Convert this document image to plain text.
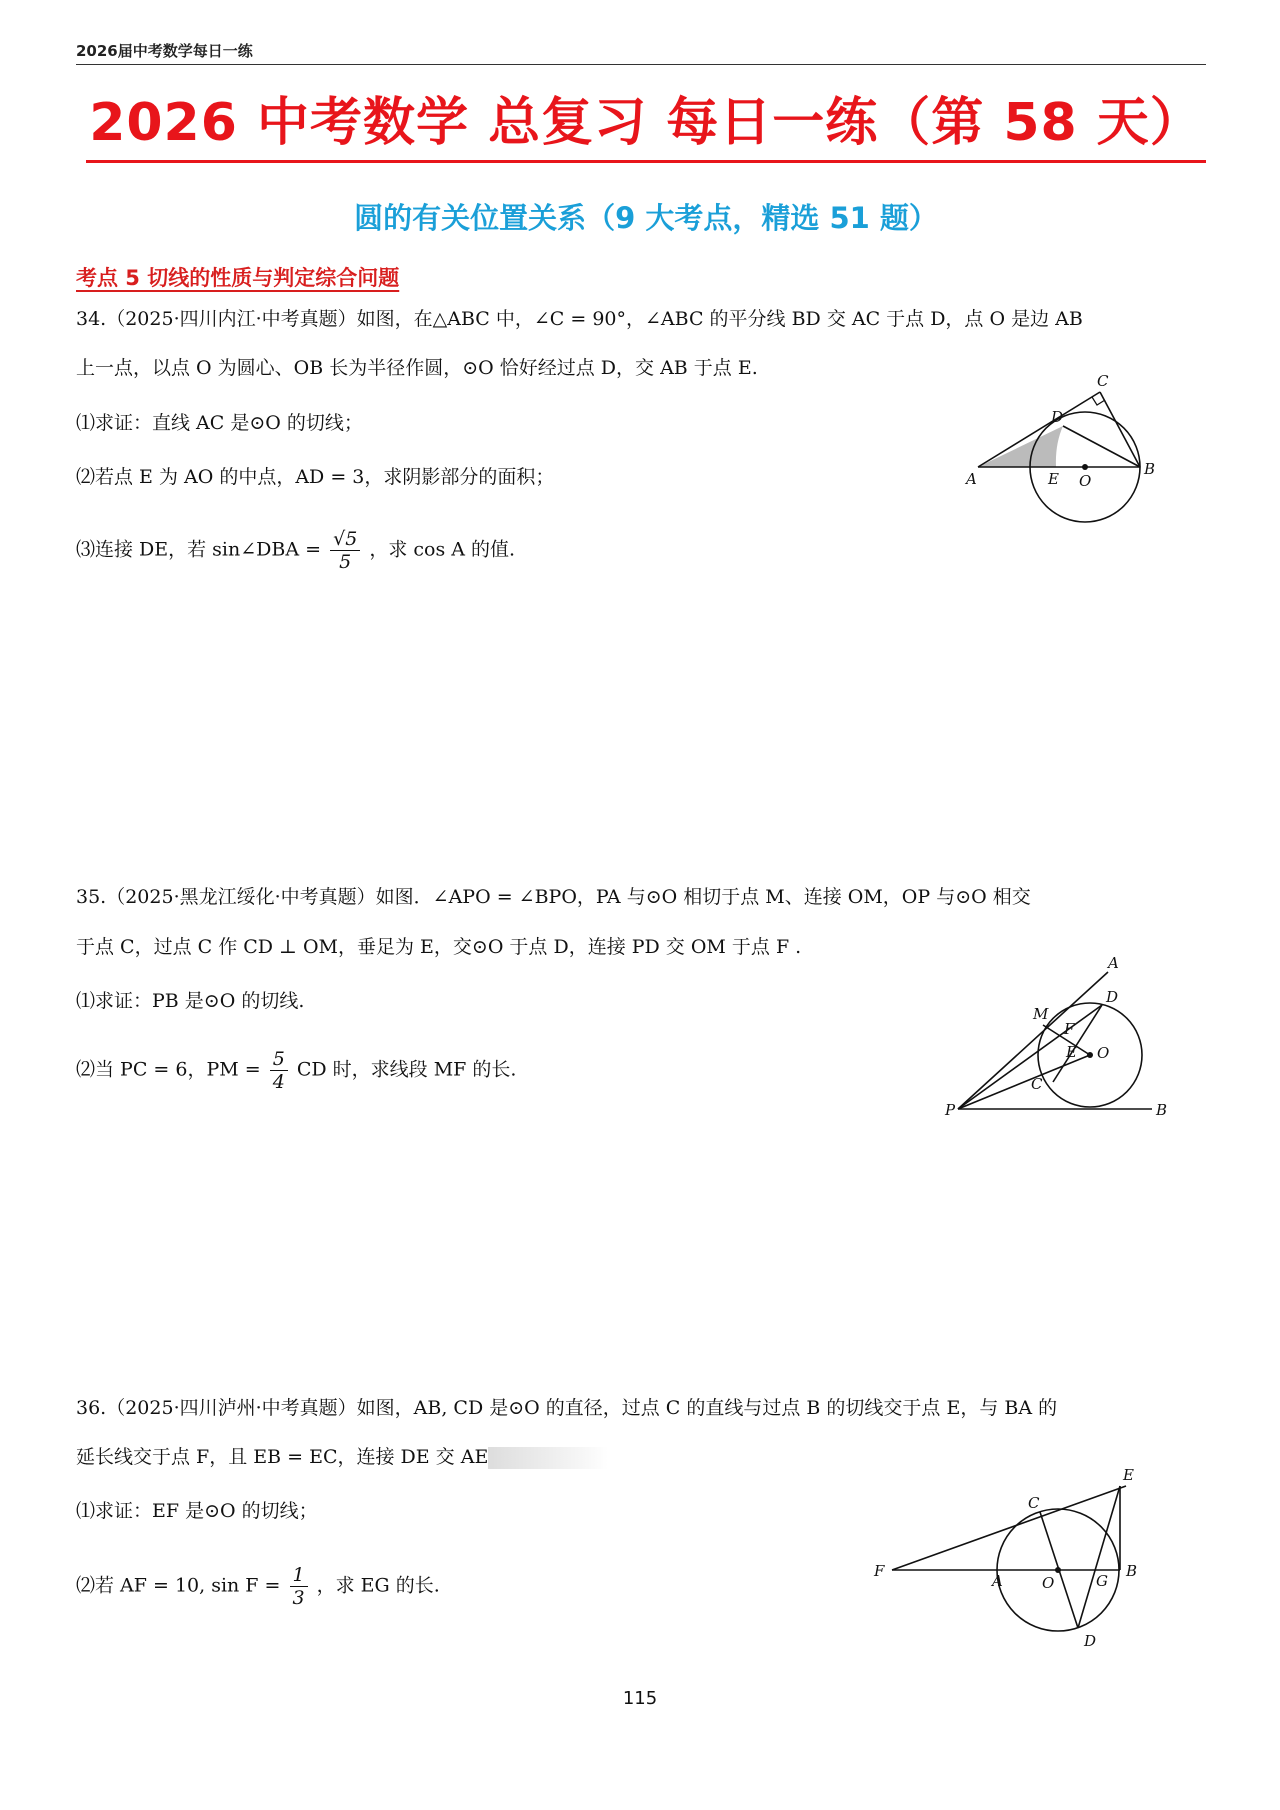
2026届中考数学每日一练
2026 中考数学 总复习 每日一练（第 58 天）
圆的有关位置关系（9 大考点，精选 51 题）
考点 5 切线的性质与判定综合问题
34.（2025·四川内江·中考真题）如图，在△ABC 中，∠C = 90°，∠ABC 的平分线 BD 交 AC 于点 D，点 O 是边 AB
上一点，以点 O 为圆心、OB 长为半径作圆，⊙O 恰好经过点 D，交 AB 于点 E.
⑴求证：直线 AC 是⊙O 的切线；
⑵若点 E 为 AO 的中点，AD = 3，求阴影部分的面积；
⑶连接 DE，若 sin∠DBA = $\frac{√5}{5}$ ，求 cos A 的值.
C
D
A	E O
B
35.（2025·黑龙江绥化·中考真题）如图．∠APO = ∠BPO，PA 与⊙O 相切于点 M、连接 OM，OP 与⊙O 相交
于点 C，过点 C 作 CD ⊥ OM，垂足为 E，交⊙O 于点 D，连接 PD 交 OM 于点 F .
⑴求证：PB 是⊙O 的切线.
⑵当 PC = 6，PM = $\frac{5}{4}$ CD 时，求线段 MF 的长.
A
D
M
F
E O
C
P	B
36.（2025·四川泸州·中考真题）如图，AB, CD 是⊙O 的直径，过点 C 的直线与过点 B 的切线交于点 E，与 BA 的
延长线交于点 F，且 EB = EC，连接 DE 交 AE
⑴求证：EF 是⊙O 的切线；
⑵若 AF = 10, $\sin F = \frac{1}{3}$ ，求 EG 的长.
E
C
F
A	O	G
B
D
115
